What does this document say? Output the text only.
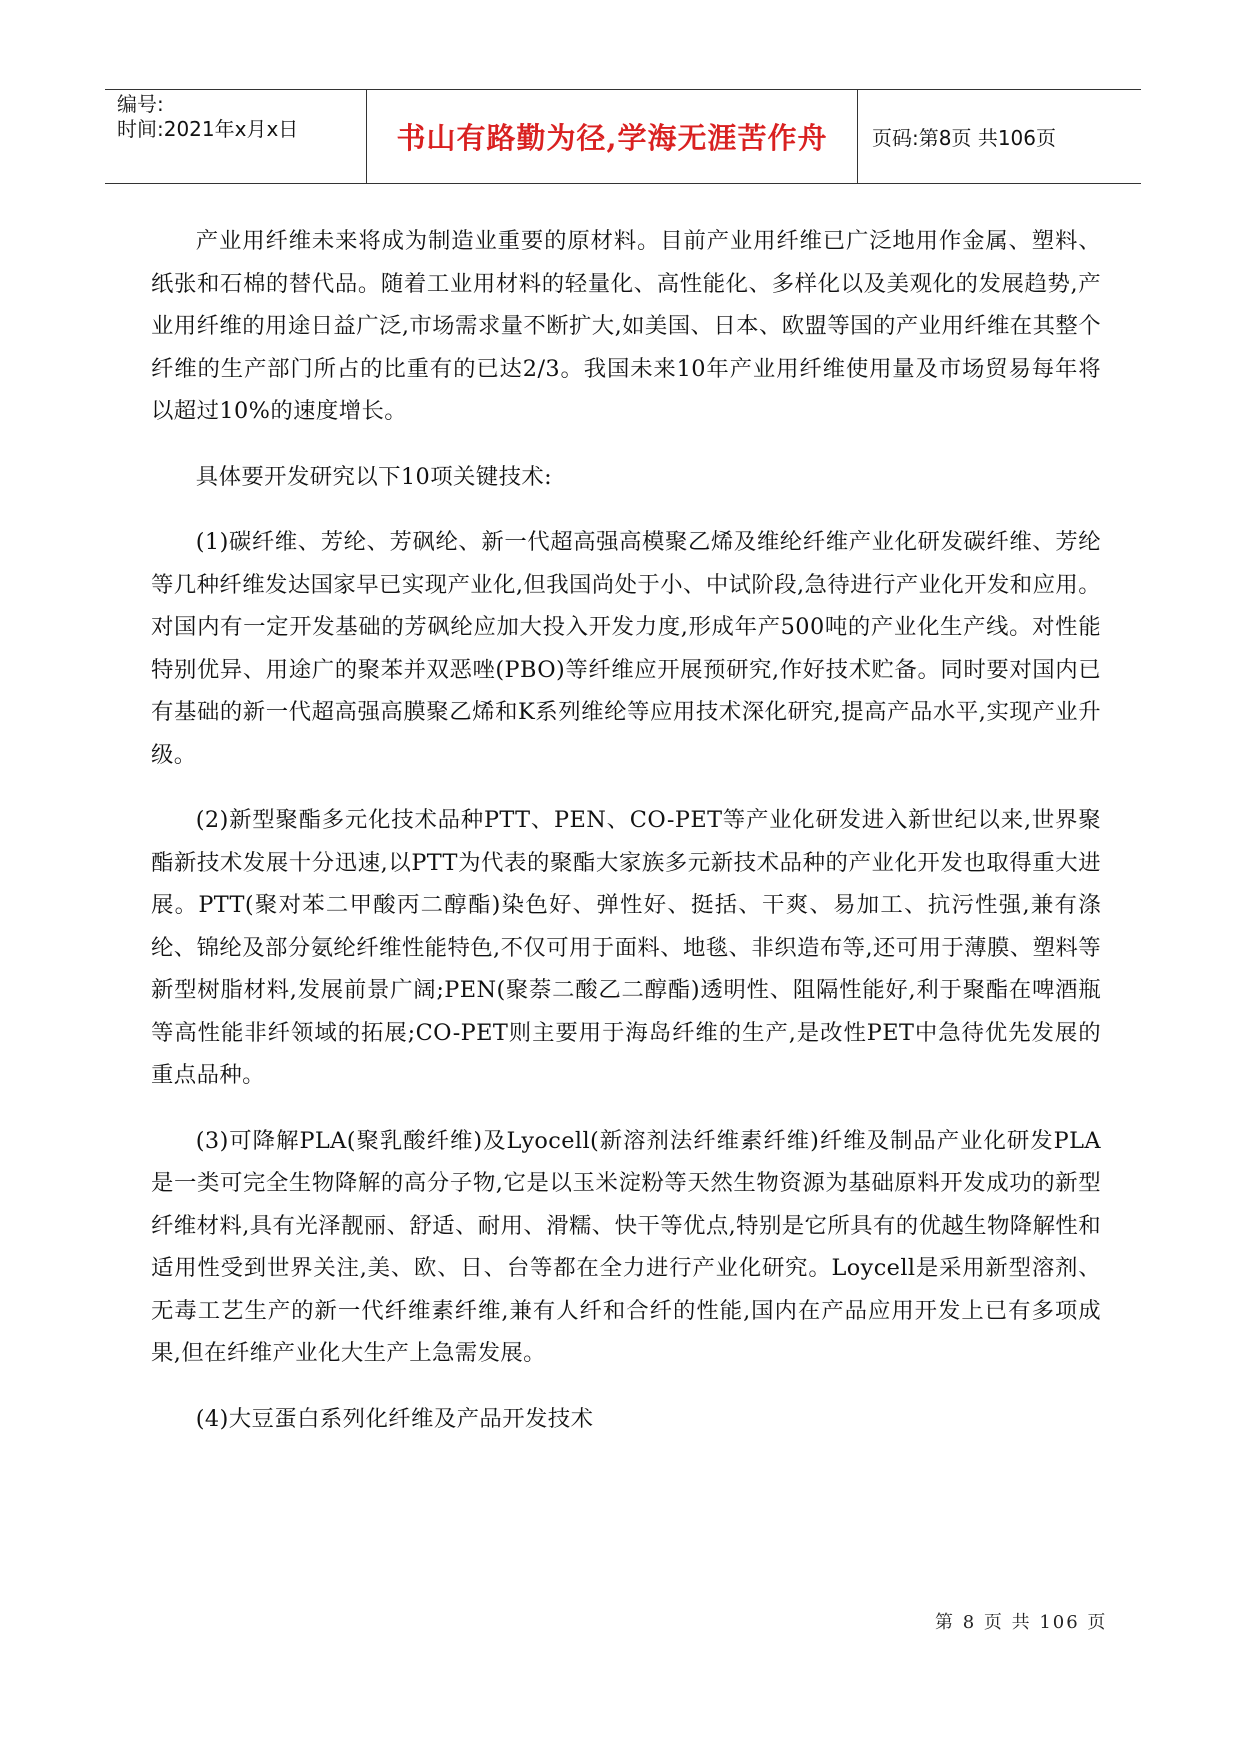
编号:
时间:2021年x月x日	书山有路勤为径,学海无涯苦作舟 页码:第8页 共106页

产业用纤维未来将成为制造业重要的原材料。目前产业用纤维已广泛地用作金属、塑料、纸张和石棉的替代品。随着工业用材料的轻量化、高性能化、多样化以及美观化的发展趋势,产业用纤维的用途日益广泛,市场需求量不断扩大,如美国、日本、欧盟等国的产业用纤维在其整个纤维的生产部门所占的比重有的已达2/3。我国未来10年产业用纤维使用量及市场贸易每年将以超过10%的速度增长。

具体要开发研究以下10项关键技术:

(1)碳纤维、芳纶、芳砜纶、新一代超高强高模聚乙烯及维纶纤维产业化研发碳纤维、芳纶等几种纤维发达国家早已实现产业化,但我国尚处于小、中试阶段,急待进行产业化开发和应用。对国内有一定开发基础的芳砜纶应加大投入开发力度,形成年产500吨的产业化生产线。对性能特别优异、用途广的聚苯并双恶唑(PBO)等纤维应开展预研究,作好技术贮备。同时要对国内已有基础的新一代超高强高膜聚乙烯和K系列维纶等应用技术深化研究,提高产品水平,实现产业升级。

(2)新型聚酯多元化技术品种PTT、PEN、CO-PET等产业化研发进入新世纪以来,世界聚酯新技术发展十分迅速,以PTT为代表的聚酯大家族多元新技术品种的产业化开发也取得重大进展。PTT(聚对苯二甲酸丙二醇酯)染色好、弹性好、挺括、干爽、易加工、抗污性强,兼有涤纶、锦纶及部分氨纶纤维性能特色,不仅可用于面料、地毯、非织造布等,还可用于薄膜、塑料等新型树脂材料,发展前景广阔;PEN(聚萘二酸乙二醇酯)透明性、阻隔性能好,利于聚酯在啤酒瓶等高性能非纤领域的拓展;CO-PET则主要用于海岛纤维的生产,是改性PET中急待优先发展的重点品种。

(3)可降解PLA(聚乳酸纤维)及Lyocell(新溶剂法纤维素纤维)纤维及制品产业化研发PLA是一类可完全生物降解的高分子物,它是以玉米淀粉等天然生物资源为基础原料开发成功的新型纤维材料,具有光泽靓丽、舒适、耐用、滑糯、快干等优点,特别是它所具有的优越生物降解性和适用性受到世界关注,美、欧、日、台等都在全力进行产业化研究。Loycell是采用新型溶剂、无毒工艺生产的新一代纤维素纤维,兼有人纤和合纤的性能,国内在产品应用开发上已有多项成果,但在纤维产业化大生产上急需发展。

(4)大豆蛋白系列化纤维及产品开发技术

第 8 页 共 106 页
